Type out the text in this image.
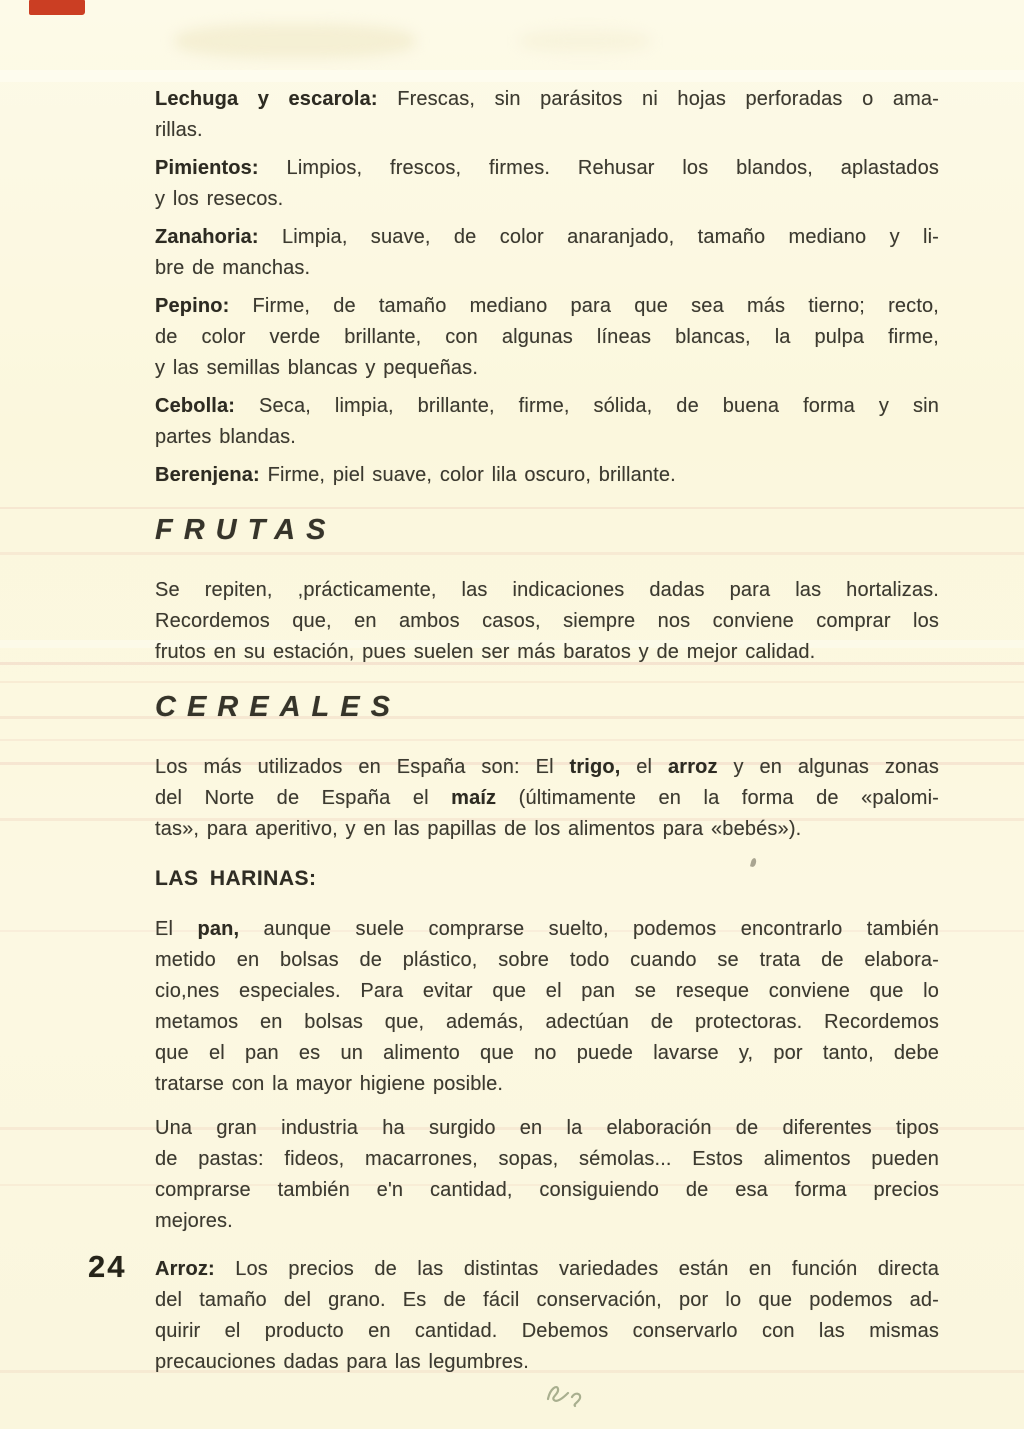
Lechuga y escarola: Frescas, sin parásitos ni hojas perforadas o ama-
rillas.
Pimientos: Limpios, frescos, firmes. Rehusar los blandos, aplastados
y los resecos.
Zanahoria: Limpia, suave, de color anaranjado, tamaño mediano y li-
bre de manchas.
Pepino: Firme, de tamaño mediano para que sea más tierno; recto,
de color verde brillante, con algunas líneas blancas, la pulpa firme,
y las semillas blancas y pequeñas.
Cebolla: Seca, limpia, brillante, firme, sólida, de buena forma y sin
partes blandas.
Berenjena: Firme, piel suave, color lila oscuro, brillante.
FRUTAS
Se repiten, ,prácticamente, las indicaciones dadas para las hortalizas.
Recordemos que, en ambos casos, siempre nos conviene comprar los
frutos en su estación, pues suelen ser más baratos y de mejor calidad.
CEREALES
Los más utilizados en España son: El trigo, el arroz y en algunas zonas
del Norte de España el maíz (últimamente en la forma de «palomi-
tas», para aperitivo, y en las papillas de los alimentos para «bebés»).
LAS HARINAS:
El pan, aunque suele comprarse suelto, podemos encontrarlo también
metido en bolsas de plástico, sobre todo cuando se trata de elabora-
cio,nes especiales. Para evitar que el pan se reseque conviene que lo
metamos en bolsas que, además, adectúan de protectoras. Recordemos
que el pan es un alimento que no puede lavarse y, por tanto, debe
tratarse con la mayor higiene posible.
Una gran industria ha surgido en la elaboración de diferentes tipos
de pastas: fideos, macarrones, sopas, sémolas... Estos alimentos pueden
comprarse también e'n cantidad, consiguiendo de esa forma precios
mejores.
Arroz: Los precios de las distintas variedades están en función directa
del tamaño del grano. Es de fácil conservación, por lo que podemos ad-
quirir el producto en cantidad. Debemos conservarlo con las mismas
precauciones dadas para las legumbres.
24
